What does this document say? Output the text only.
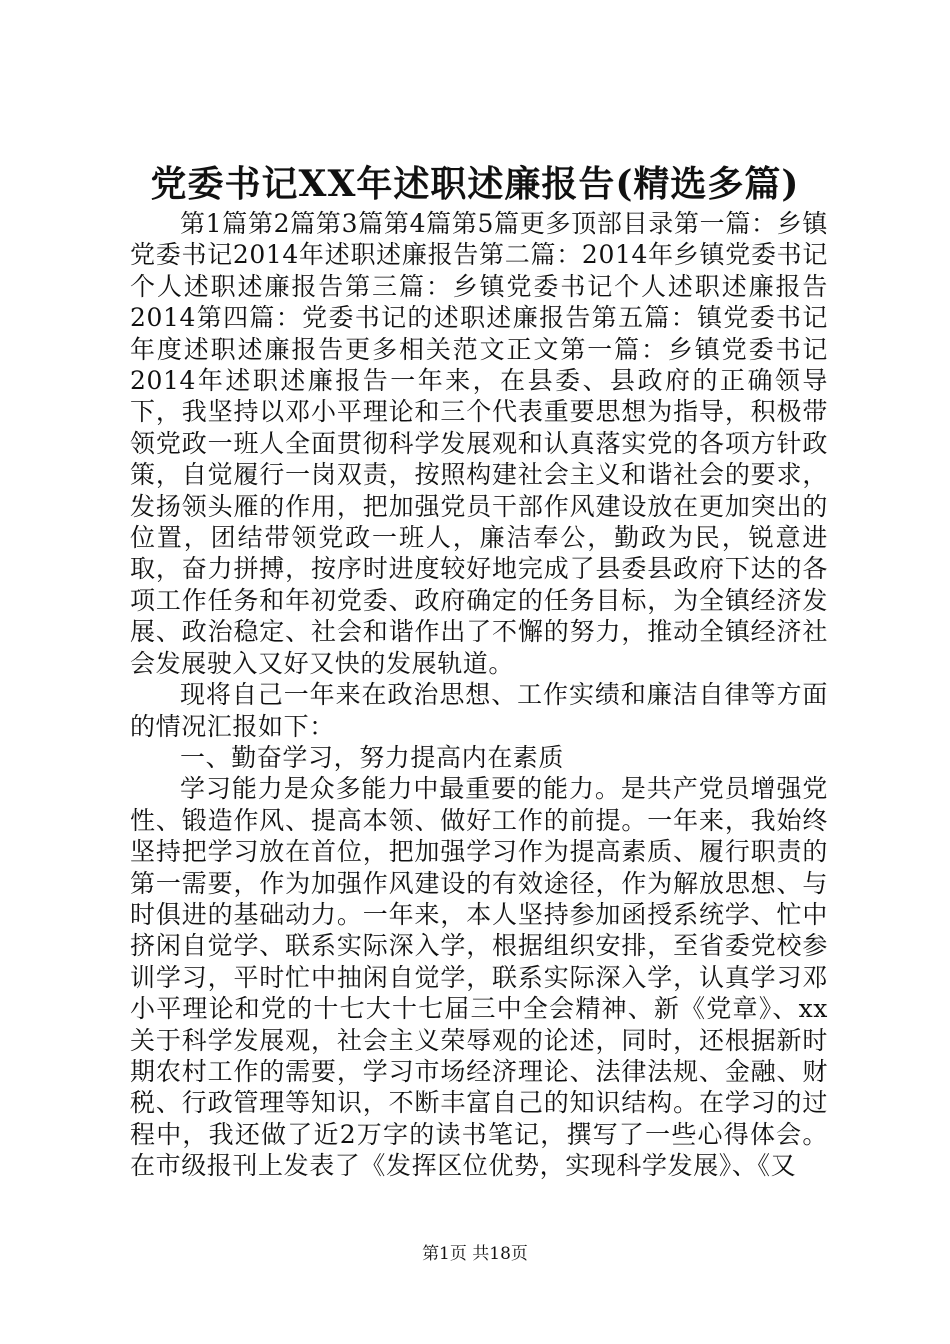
党委书记XX年述职述廉报告(精选多篇)

第1篇第2篇第3篇第4篇第5篇更多顶部目录第一篇：乡镇党委书记2014年述职述廉报告第二篇：2014年乡镇党委书记个人述职述廉报告第三篇：乡镇党委书记个人述职述廉报告2014第四篇：党委书记的述职述廉报告第五篇：镇党委书记年度述职述廉报告更多相关范文正文第一篇：乡镇党委书记2014年述职述廉报告一年来，在县委、县政府的正确领导下，我坚持以邓小平理论和三个代表重要思想为指导，积极带领党政一班人全面贯彻科学发展观和认真落实党的各项方针政策，自觉履行一岗双责，按照构建社会主义和谐社会的要求，发扬领头雁的作用，把加强党员干部作风建设放在更加突出的位置，团结带领党政一班人，廉洁奉公，勤政为民，锐意进取，奋力拼搏，按序时进度较好地完成了县委县政府下达的各项工作任务和年初党委、政府确定的任务目标，为全镇经济发展、政治稳定、社会和谐作出了不懈的努力，推动全镇经济社会发展驶入又好又快的发展轨道。

现将自己一年来在政治思想、工作实绩和廉洁自律等方面的情况汇报如下：

一、勤奋学习，努力提高内在素质

学习能力是众多能力中最重要的能力。是共产党员增强党性、锻造作风、提高本领、做好工作的前提。一年来，我始终坚持把学习放在首位，把加强学习作为提高素质、履行职责的第一需要，作为加强作风建设的有效途径，作为解放思想、与时俱进的基础动力。一年来，本人坚持参加函授系统学、忙中挤闲自觉学、联系实际深入学，根据组织安排，至省委党校参训学习，平时忙中抽闲自觉学，联系实际深入学，认真学习邓小平理论和党的十七大十七届三中全会精神、新《党章》、xx关于科学发展观，社会主义荣辱观的论述，同时，还根据新时期农村工作的需要，学习市场经济理论、法律法规、金融、财税、行政管理等知识，不断丰富自己的知识结构。在学习的过程中，我还做了近2万字的读书笔记，撰写了一些心得体会。在市级报刊上发表了《发挥区位优势，实现科学发展》、《又

第1页 共18页
